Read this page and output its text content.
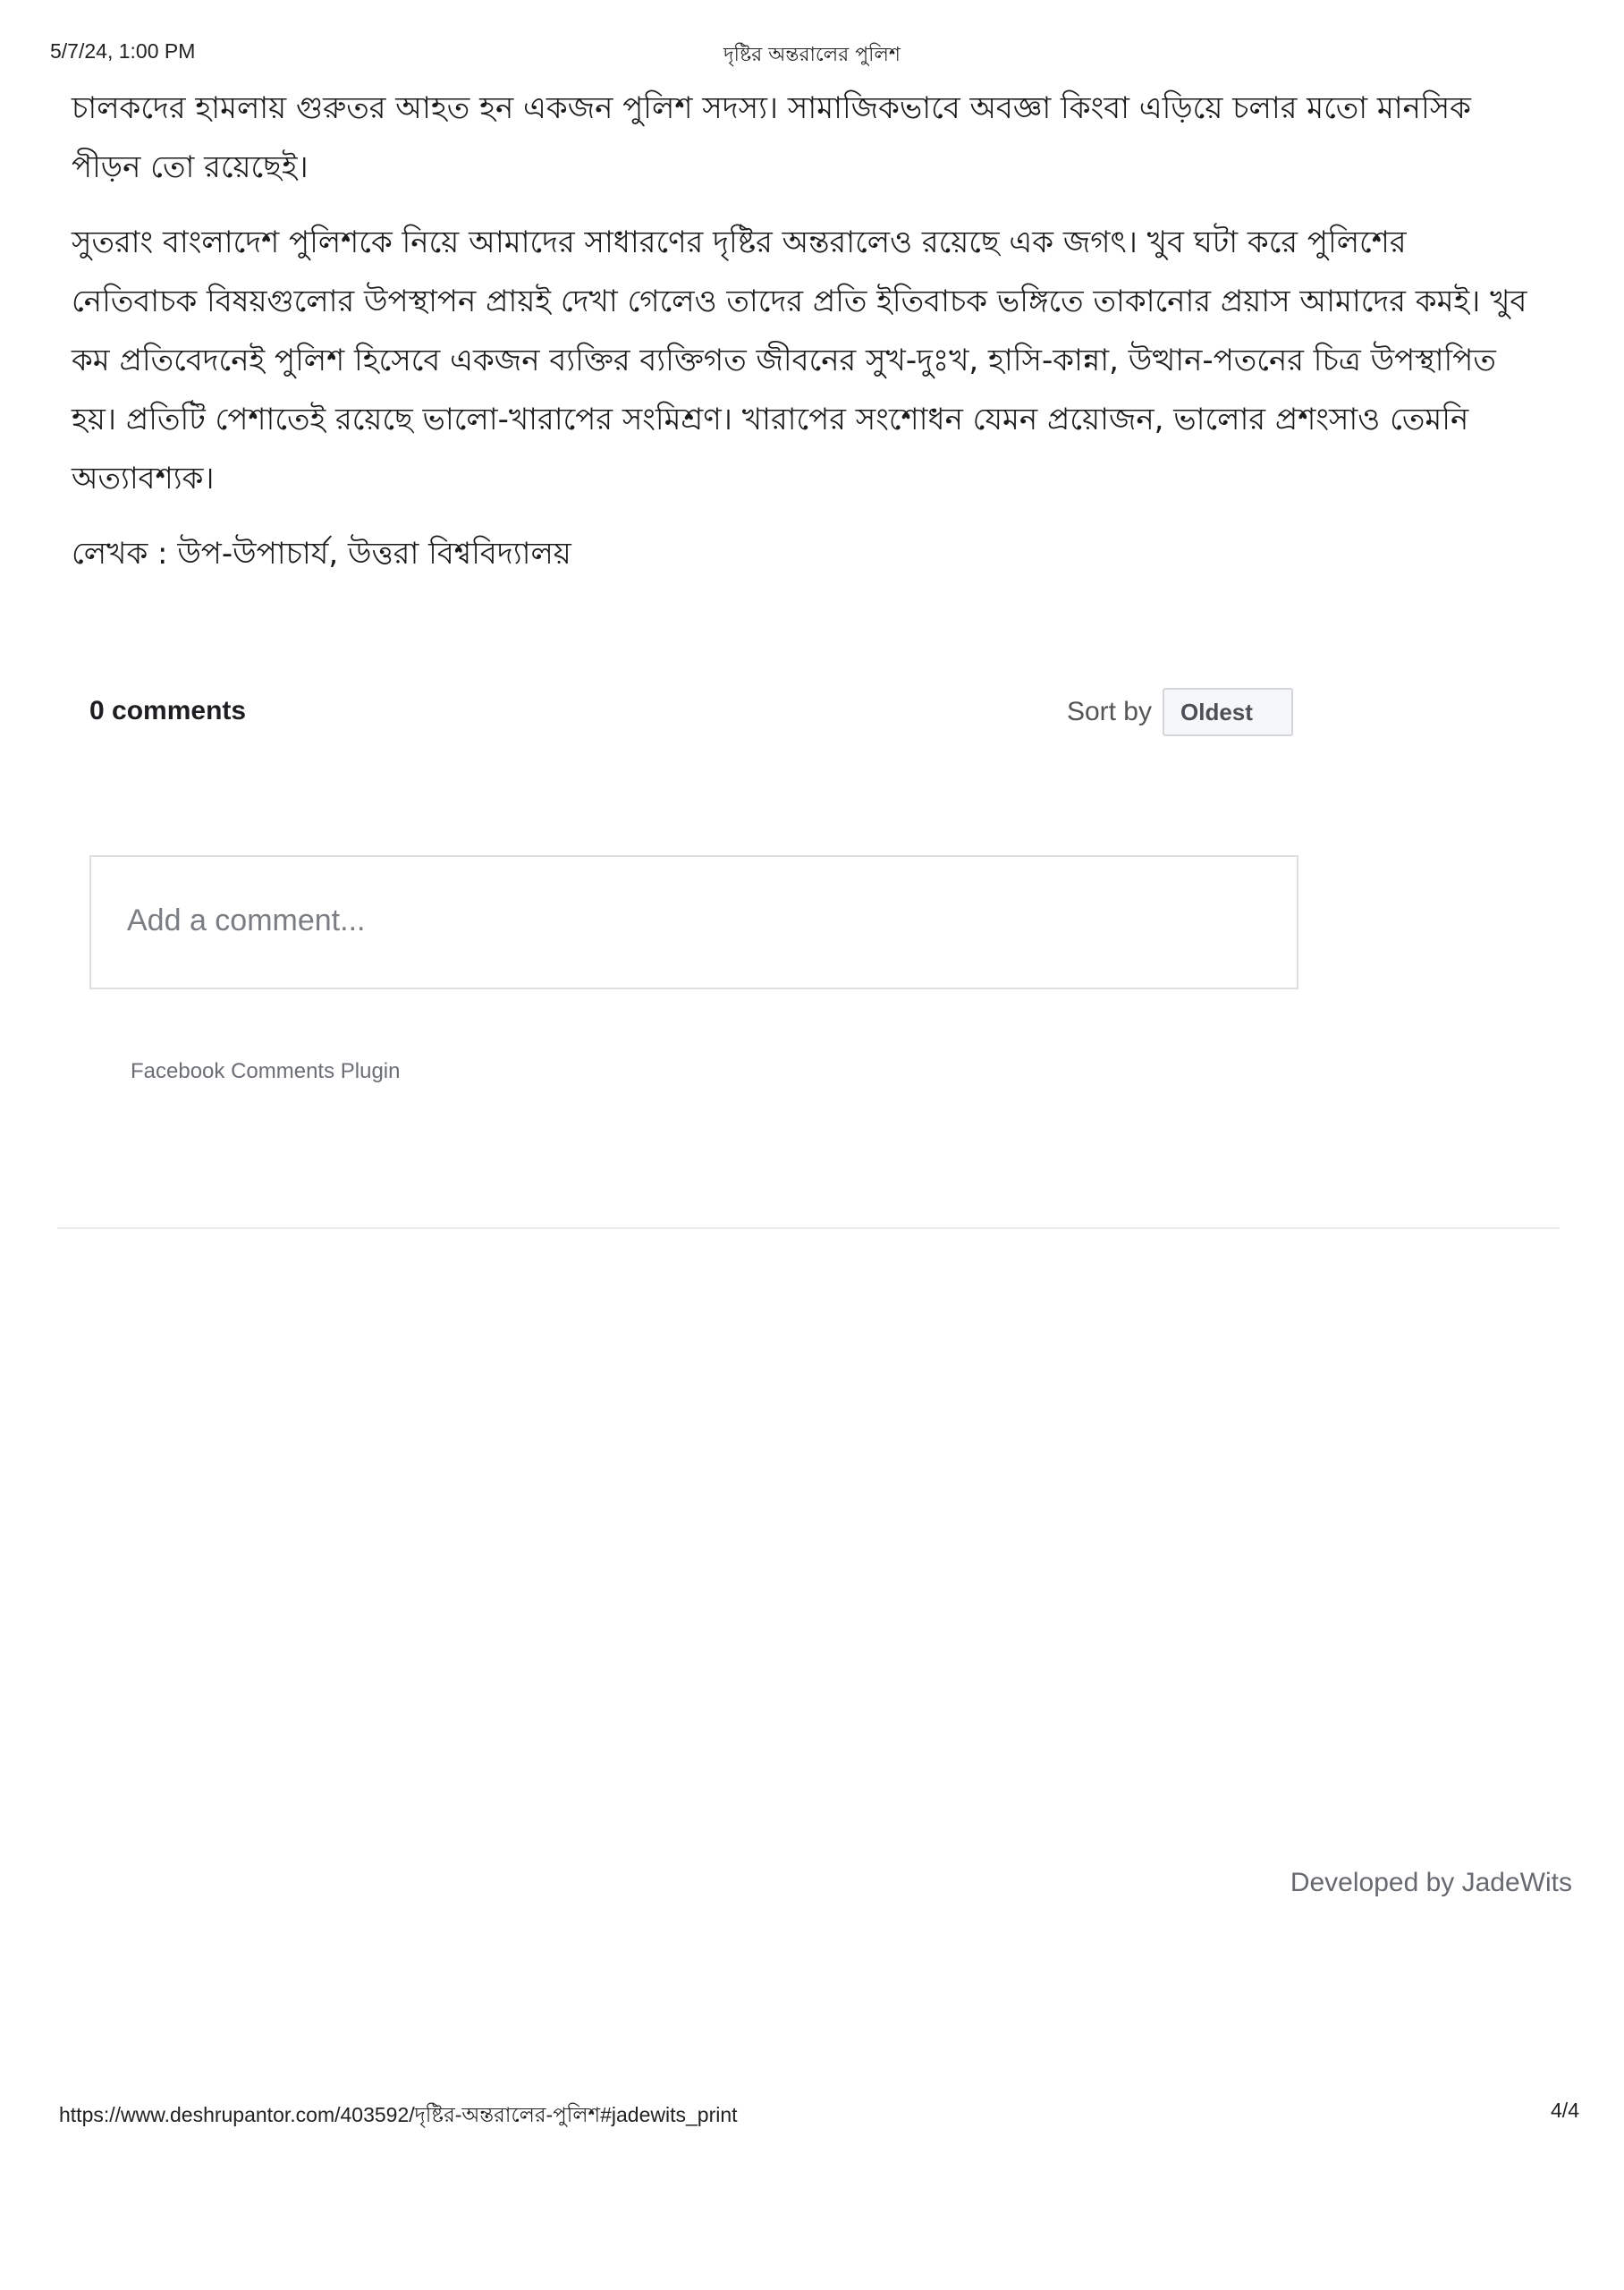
5/7/24, 1:00 PM	দৃষ্টির অন্তরালের পুলিশ

চালকদের হামলায় গুরুতর আহত হন একজন পুলিশ সদস্য। সামাজিকভাবে অবজ্ঞা কিংবা এড়িয়ে চলার মতো মানসিক পীড়ন তো রয়েছেই।

সুতরাং বাংলাদেশ পুলিশকে নিয়ে আমাদের সাধারণের দৃষ্টির অন্তরালেও রয়েছে এক জগৎ। খুব ঘটা করে পুলিশের নেতিবাচক বিষয়গুলোর উপস্থাপন প্রায়ই দেখা গেলেও তাদের প্রতি ইতিবাচক ভঙ্গিতে তাকানোর প্রয়াস আমাদের কমই। খুব কম প্রতিবেদনেই পুলিশ হিসেবে একজন ব্যক্তির ব্যক্তিগত জীবনের সুখ-দুঃখ, হাসি-কান্না, উত্থান-পতনের চিত্র উপস্থাপিত হয়। প্রতিটি পেশাতেই রয়েছে ভালো-খারাপের সংমিশ্রণ। খারাপের সংশোধন যেমন প্রয়োজন, ভালোর প্রশংসাও তেমনি অত্যাবশ্যক।

লেখক : উপ-উপাচার্য, উত্তরা বিশ্ববিদ্যালয়

0 comments	Sort by	Oldest
Add a comment...
Facebook Comments Plugin
Developed by JadeWits
https://www.deshrupantor.com/403592/দৃষ্টির-অন্তরালের-পুলিশ#jadewits_print	4/4
